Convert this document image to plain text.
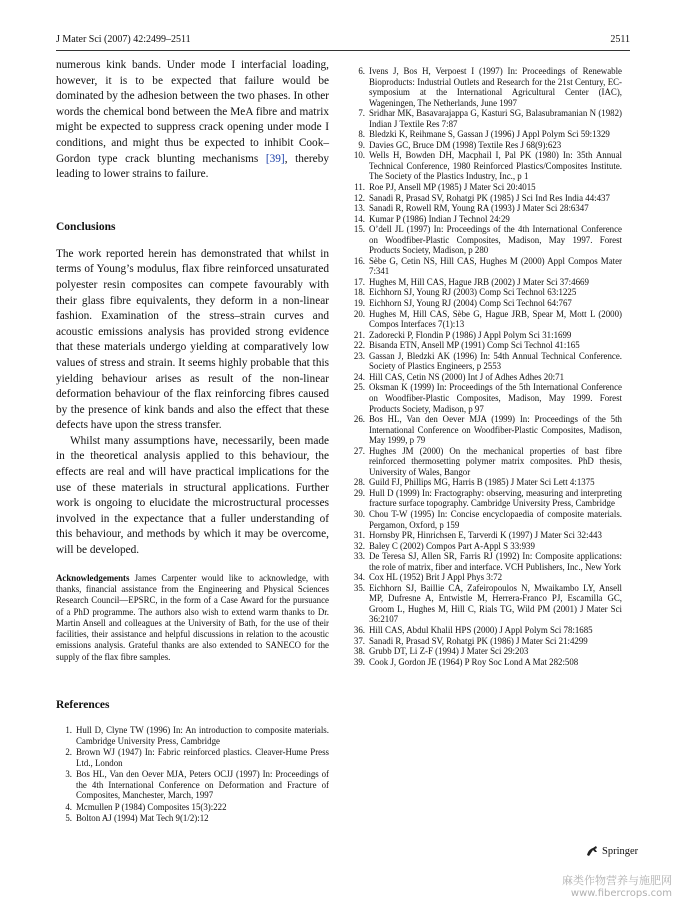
J Mater Sci (2007) 42:2499–2511	2511

numerous kink bands. Under mode I interfacial loading, however, it is to be expected that failure would be dominated by the adhesion between the two phases. In other words the chemical bond between the MeA fibre and matrix might be expected to suppress crack opening under mode I conditions, and might thus be expected to inhibit Cook–Gordon type crack blunting mechanisms [39], thereby leading to lower strains to failure.

Conclusions

The work reported herein has demonstrated that whilst in terms of Young’s modulus, flax fibre reinforced unsaturated polyester resin composites can compete favourably with their glass fibre equivalents, they deform in a non-linear fashion. Examination of the stress–strain curves and acoustic emissions analysis has provided strong evidence that these materials undergo yielding at comparatively low values of stress and strain. It seems highly probable that this yielding behaviour arises as result of the non-linear deformation behaviour of the flax reinforcing fibres caused by the presence of kink bands and also the effect that these defects have upon the stress transfer.

Whilst many assumptions have, necessarily, been made in the theoretical analysis applied to this behaviour, the effects are real and will have practical implications for the use of these materials in structural applications. Further work is ongoing to elucidate the microstructural processes involved in the expectance that a fuller understanding of this behaviour, and methods by which it may be overcome, will be developed.

Acknowledgements James Carpenter would like to acknowledge, with thanks, financial assistance from the Engineering and Physical Sciences Research Council—EPSRC, in the form of a Case Award for the pursuance of a PhD programme. The authors also wish to extend warm thanks to Dr. Martin Ansell and colleagues at the University of Bath, for the use of their facilities, their assistance and helpful discussions in relation to the acoustic emissions analysis. Grateful thanks are also extended to SANECO for the supply of the flax fibre samples.

References

1. Hull D, Clyne TW (1996) In: An introduction to composite materials. Cambridge University Press, Cambridge
2. Brown WJ (1947) In: Fabric reinforced plastics. Cleaver-Hume Press Ltd., London
3. Bos HL, Van den Oever MJA, Peters OCJJ (1997) In: Proceedings of the 4th International Conference on Deformation and Fracture of Composites, Manchester, March, 1997
4. Mcmullen P (1984) Composites 15(3):222
5. Bolton AJ (1994) Mat Tech 9(1/2):12
6. Ivens J, Bos H, Verpoest I (1997) In: Proceedings of Renewable Bioproducts: Industrial Outlets and Research for the 21st Century, EC-symposium at the International Agricultural Center (IAC), Wageningen, The Netherlands, June 1997
7. Sridhar MK, Basavarajappa G, Kasturi SG, Balasubramanian N (1982) Indian J Textile Res 7:87
8. Bledzki K, Reihmane S, Gassan J (1996) J Appl Polym Sci 59:1329
9. Davies GC, Bruce DM (1998) Textile Res J 68(9):623
10. Wells H, Bowden DH, Macphail I, Pal PK (1980) In: 35th Annual Technical Conference, 1980 Reinforced Plastics/Composites Institute. The Society of the Plastics Industry, Inc., p 1
11. Roe PJ, Ansell MP (1985) J Mater Sci 20:4015
12. Sanadi R, Prasad SV, Rohatgi PK (1985) J Sci Ind Res India 44:437
13. Sanadi R, Rowell RM, Young RA (1993) J Mater Sci 28:6347
14. Kumar P (1986) Indian J Technol 24:29
15. O’dell JL (1997) In: Proceedings of the 4th International Conference on Woodfiber-Plastic Composites, Madison, May 1997. Forest Products Society, Madison, p 280
16. Sèbe G, Cetin NS, Hill CAS, Hughes M (2000) Appl Compos Mater 7:341
17. Hughes M, Hill CAS, Hague JRB (2002) J Mater Sci 37:4669
18. Eichhorn SJ, Young RJ (2003) Comp Sci Technol 63:1225
19. Eichhorn SJ, Young RJ (2004) Comp Sci Technol 64:767
20. Hughes M, Hill CAS, Sèbe G, Hague JRB, Spear M, Mott L (2000) Compos Interfaces 7(1):13
21. Zadorecki P, Flondin P (1986) J Appl Polym Sci 31:1699
22. Bisanda ETN, Ansell MP (1991) Comp Sci Technol 41:165
23. Gassan J, Bledzki AK (1996) In: 54th Annual Technical Conference. Society of Plastics Engineers, p 2553
24. Hill CAS, Cetin NS (2000) Int J of Adhes Adhes 20:71
25. Oksman K (1999) In: Proceedings of the 5th International Conference on Woodfiber-Plastic Composites, Madison, May 1999. Forest Products Society, Madison, p 97
26. Bos HL, Van den Oever MJA (1999) In: Proceedings of the 5th International Conference on Woodfiber-Plastic Composites, Madison, May 1999, p 79
27. Hughes JM (2000) On the mechanical properties of bast fibre reinforced thermosetting polymer matrix composites. PhD thesis, University of Wales, Bangor
28. Guild FJ, Phillips MG, Harris B (1985) J Mater Sci Lett 4:1375
29. Hull D (1999) In: Fractography: observing, measuring and interpreting fracture surface topography. Cambridge University Press, Cambridge
30. Chou T-W (1995) In: Concise encyclopaedia of composite materials. Pergamon, Oxford, p 159
31. Hornsby PR, Hinrichsen E, Tarverdi K (1997) J Mater Sci 32:443
32. Baley C (2002) Compos Part A-Appl S 33:939
33. De Teresa SJ, Allen SR, Farris RJ (1992) In: Composite applications: the role of matrix, fiber and interface. VCH Publishers, Inc., New York
34. Cox HL (1952) Brit J Appl Phys 3:72
35. Eichhorn SJ, Baillie CA, Zafeiropoulos N, Mwaikambo LY, Ansell MP, Dufresne A, Entwistle M, Herrera-Franco PJ, Escamilla GC, Groom L, Hughes M, Hill C, Rials TG, Wild PM (2001) J Mater Sci 36:2107
36. Hill CAS, Abdul Khalil HPS (2000) J Appl Polym Sci 78:1685
37. Sanadi R, Prasad SV, Rohatgi PK (1986) J Mater Sci 21:4299
38. Grubb DT, Li Z-F (1994) J Mater Sci 29:203
39. Cook J, Gordon JE (1964) P Roy Soc Lond A Mat 282:508
Springer
麻类作物营养与施肥网
www.fibercrops.com
